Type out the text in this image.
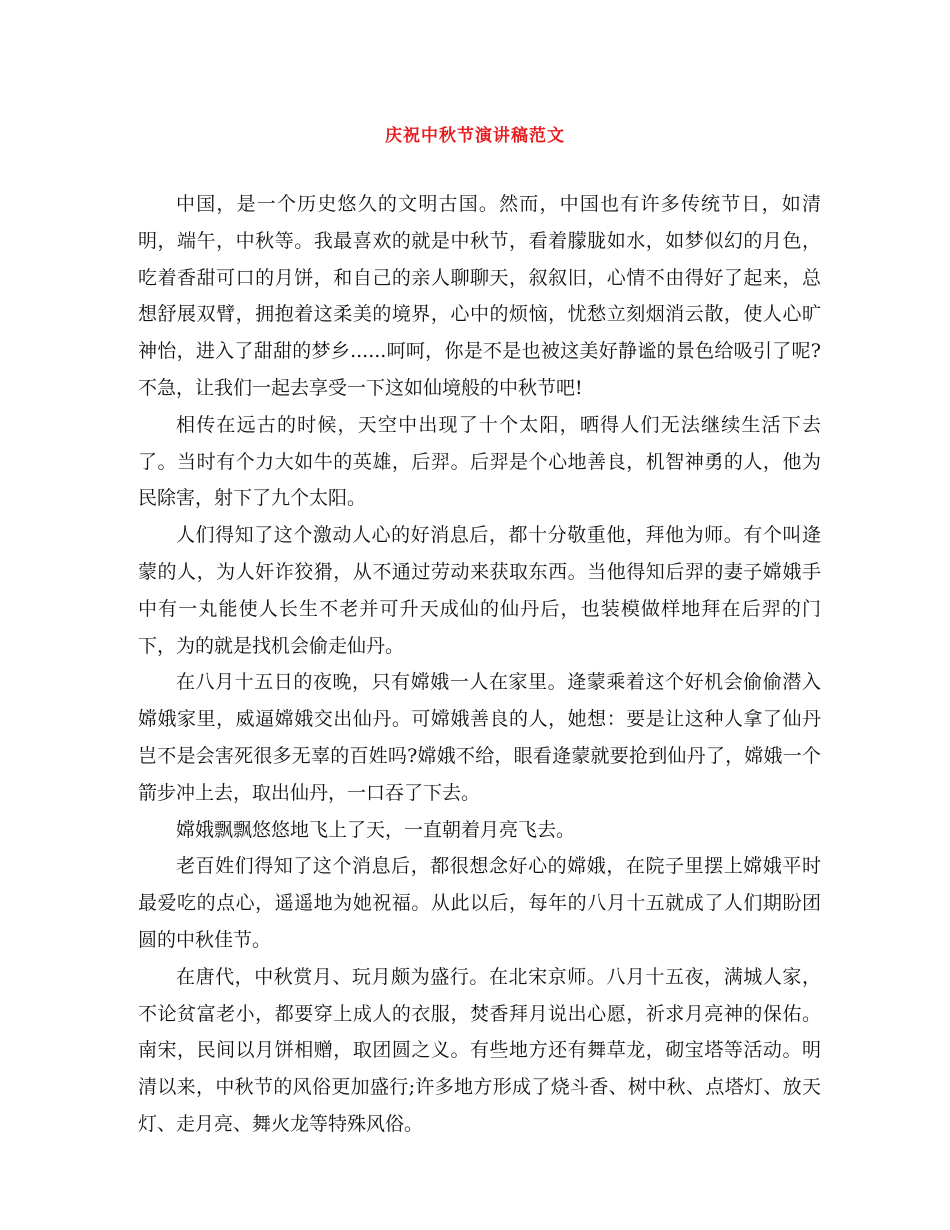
庆祝中秋节演讲稿范文

中国，是一个历史悠久的文明古国。然而，中国也有许多传统节日，如清明，端午，中秋等。我最喜欢的就是中秋节，看着朦胧如水，如梦似幻的月色，吃着香甜可口的月饼，和自己的亲人聊聊天，叙叙旧，心情不由得好了起来，总想舒展双臂，拥抱着这柔美的境界，心中的烦恼，忧愁立刻烟消云散，使人心旷神怡，进入了甜甜的梦乡......呵呵，你是不是也被这美好静谧的景色给吸引了呢?不急，让我们一起去享受一下这如仙境般的中秋节吧!

相传在远古的时候，天空中出现了十个太阳，晒得人们无法继续生活下去了。当时有个力大如牛的英雄，后羿。后羿是个心地善良，机智神勇的人，他为民除害，射下了九个太阳。

人们得知了这个激动人心的好消息后，都十分敬重他，拜他为师。有个叫逄蒙的人，为人奸诈狡猾，从不通过劳动来获取东西。当他得知后羿的妻子嫦娥手中有一丸能使人长生不老并可升天成仙的仙丹后，也装模做样地拜在后羿的门下，为的就是找机会偷走仙丹。

在八月十五日的夜晚，只有嫦娥一人在家里。逄蒙乘着这个好机会偷偷潜入嫦娥家里，威逼嫦娥交出仙丹。可嫦娥善良的人，她想：要是让这种人拿了仙丹岂不是会害死很多无辜的百姓吗?嫦娥不给，眼看逄蒙就要抢到仙丹了，嫦娥一个箭步冲上去，取出仙丹，一口吞了下去。

嫦娥飘飘悠悠地飞上了天，一直朝着月亮飞去。

老百姓们得知了这个消息后，都很想念好心的嫦娥，在院子里摆上嫦娥平时最爱吃的点心，遥遥地为她祝福。从此以后，每年的八月十五就成了人们期盼团圆的中秋佳节。

在唐代，中秋赏月、玩月颇为盛行。在北宋京师。八月十五夜，满城人家，不论贫富老小，都要穿上成人的衣服，焚香拜月说出心愿，祈求月亮神的保佑。南宋，民间以月饼相赠，取团圆之义。有些地方还有舞草龙，砌宝塔等活动。明清以来，中秋节的风俗更加盛行;许多地方形成了烧斗香、树中秋、点塔灯、放天灯、走月亮、舞火龙等特殊风俗。
